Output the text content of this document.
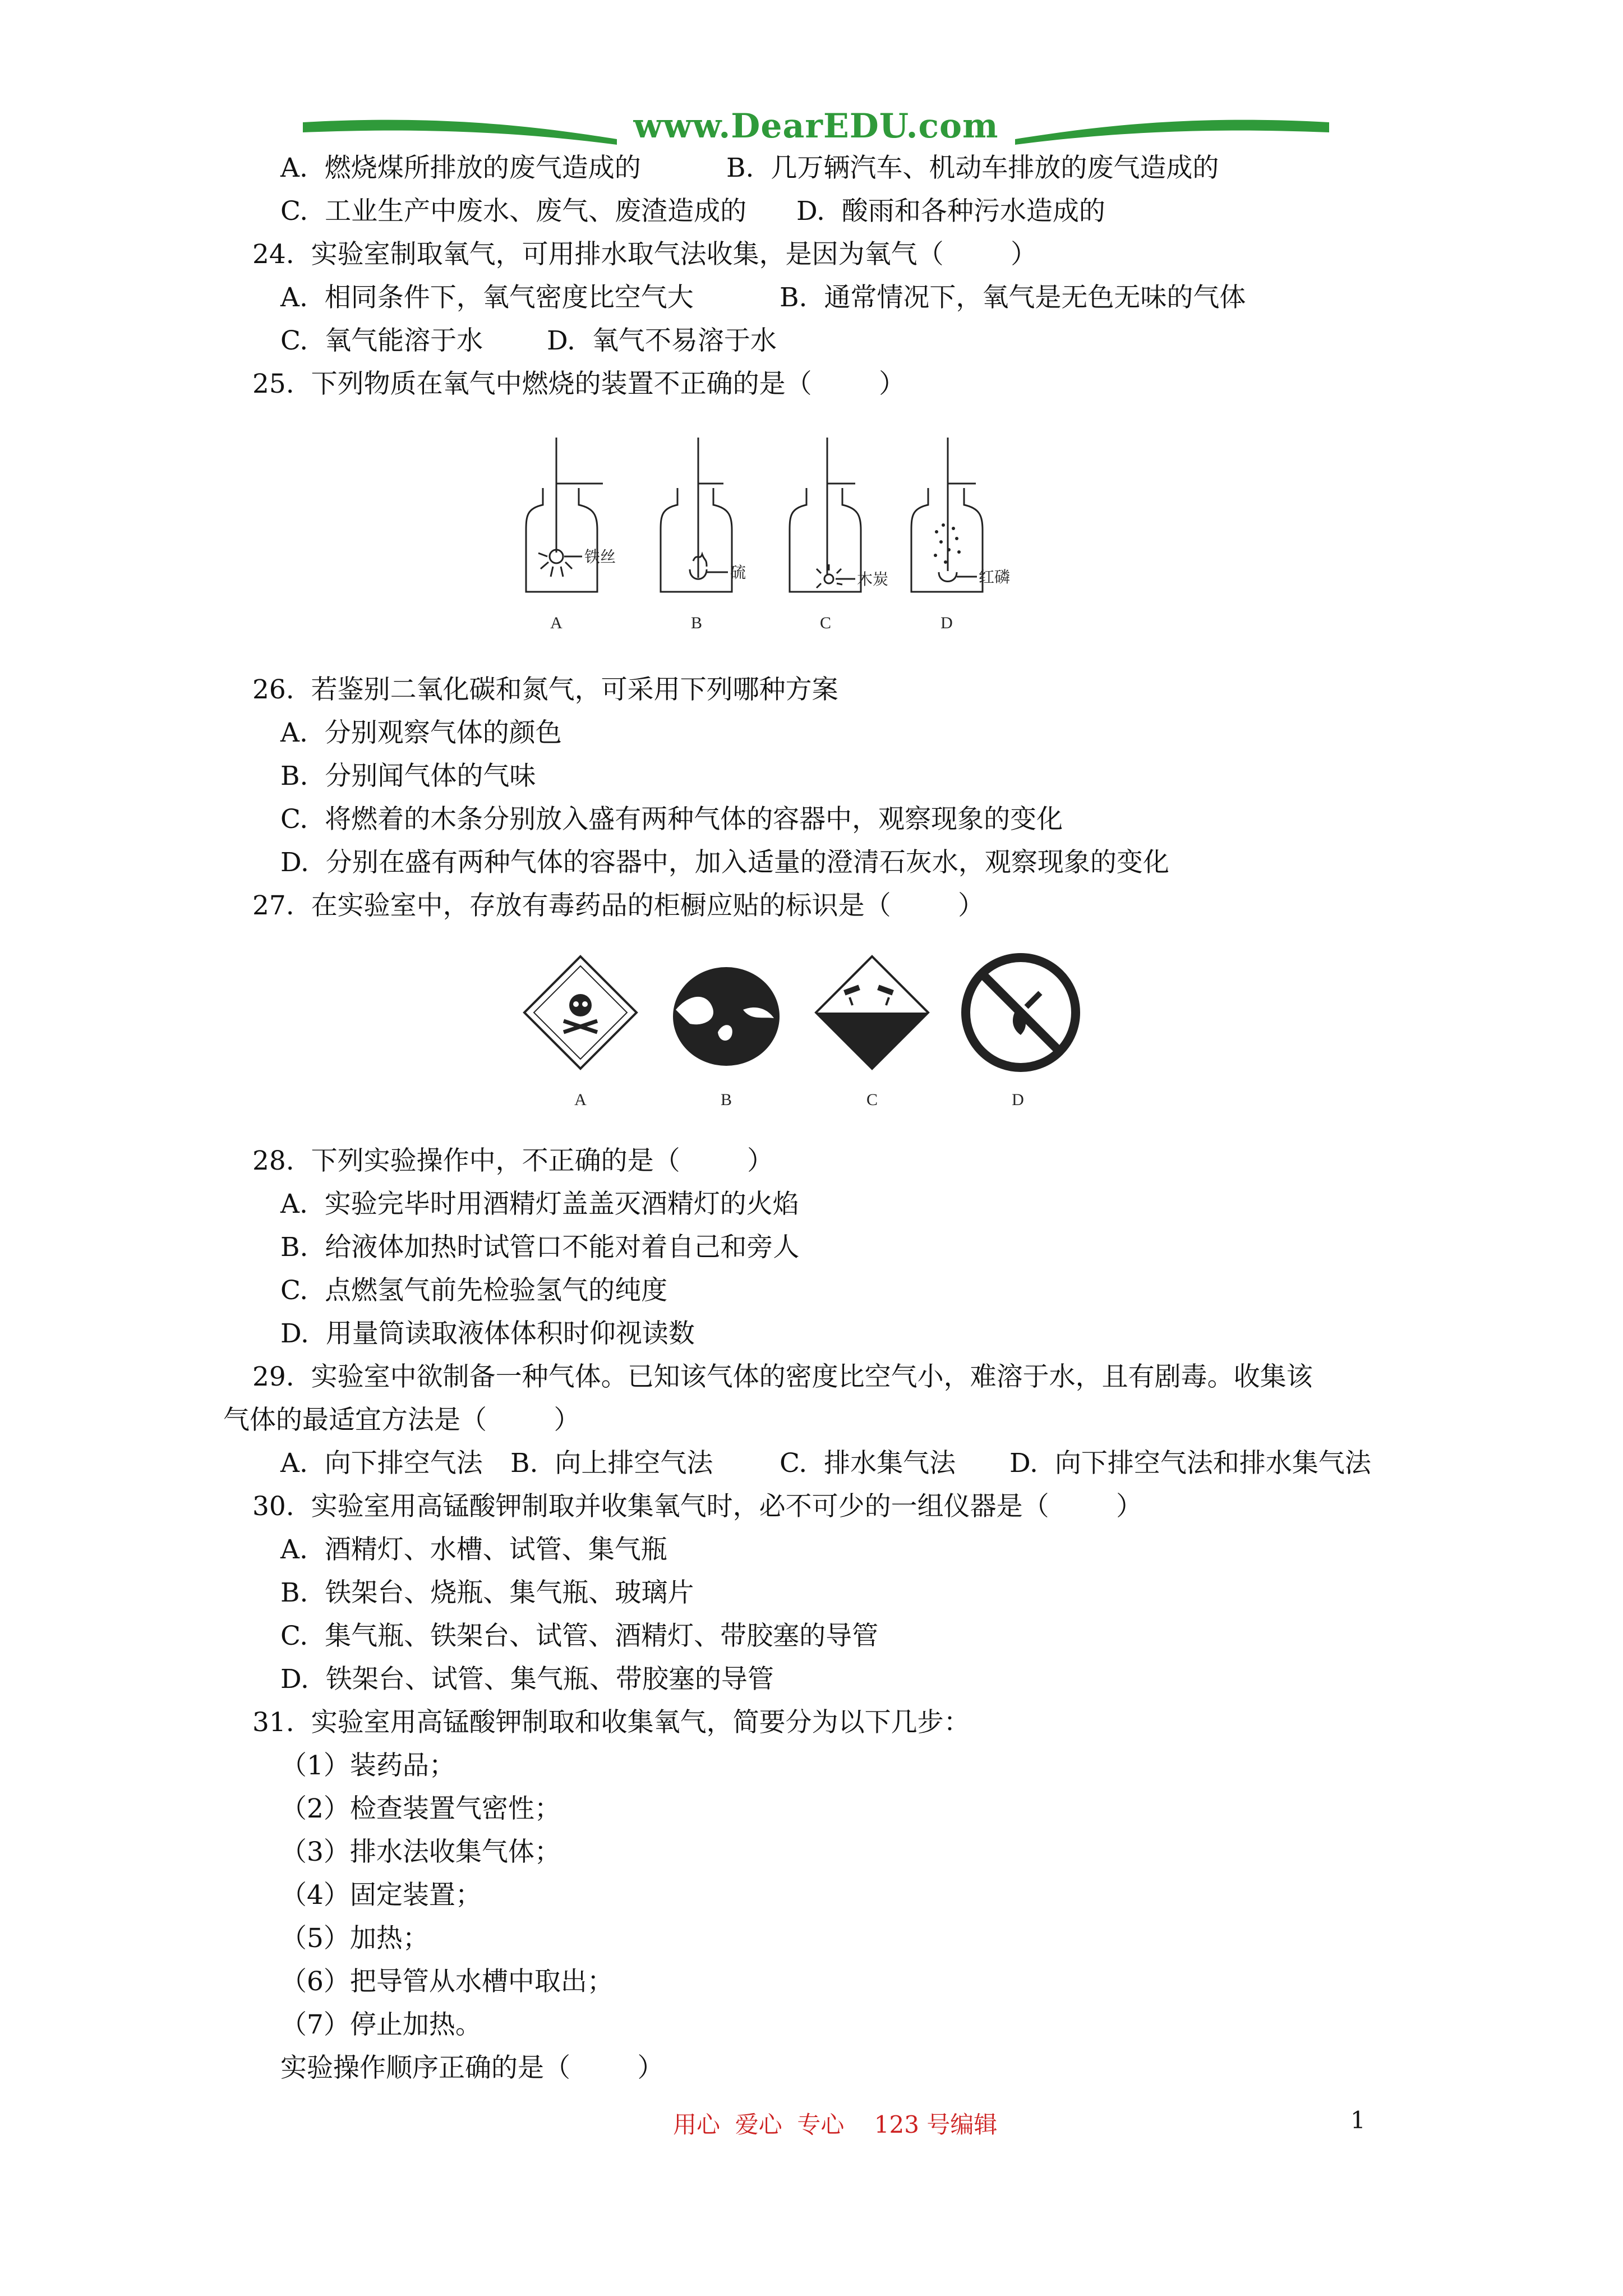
www.DearEDU.com
A.  燃烧煤所排放的废气造成的	B.  几万辆汽车、机动车排放的废气造成的
C.  工业生产中废水、废气、废渣造成的 D.  酸雨和各种污水造成的
24.  实验室制取氧气，可用排水取气法收集，是因为氧气（        ）
A.  相同条件下，氧气密度比空气大	B.  通常情况下，氧气是无色无味的气体
C.  氧气能溶于水 D.  氧气不易溶于水
25.  下列物质在氧气中燃烧的装置不正确的是（        ）
A	B	C	D
铁丝
硫	木炭	红磷
26.  若鉴别二氧化碳和氮气，可采用下列哪种方案
A.  分别观察气体的颜色
B.  分别闻气体的气味
C.  将燃着的木条分别放入盛有两种气体的容器中，观察现象的变化
D.  分别在盛有两种气体的容器中，加入适量的澄清石灰水，观察现象的变化
27.  在实验室中，存放有毒药品的柜橱应贴的标识是（        ）
A	B	C	D
28.  下列实验操作中，不正确的是（        ）
A.  实验完毕时用酒精灯盖盖灭酒精灯的火焰
B.  给液体加热时试管口不能对着自己和旁人
C.  点燃氢气前先检验氢气的纯度
D.  用量筒读取液体体积时仰视读数
29.  实验室中欲制备一种气体。已知该气体的密度比空气小，难溶于水，且有剧毒。收集该
气体的最适宜方法是（        ）
A.  向下排空气法 B.  向上排空气法	C.  排水集气法 D.  向下排空气法和排水集气法
30.  实验室用高锰酸钾制取并收集氧气时，必不可少的一组仪器是（        ）
A.  酒精灯、水槽、试管、集气瓶
B.  铁架台、烧瓶、集气瓶、玻璃片
C.  集气瓶、铁架台、试管、酒精灯、带胶塞的导管
D.  铁架台、试管、集气瓶、带胶塞的导管
31.  实验室用高锰酸钾制取和收集氧气，简要分为以下几步：
（1）装药品；
（2）检查装置气密性；
（3）排水法收集气体；
（4）固定装置；
（5）加热；
（6）把导管从水槽中取出；
（7）停止加热。
实验操作顺序正确的是（        ）
用心  爱心  专心    123 号编辑	1
